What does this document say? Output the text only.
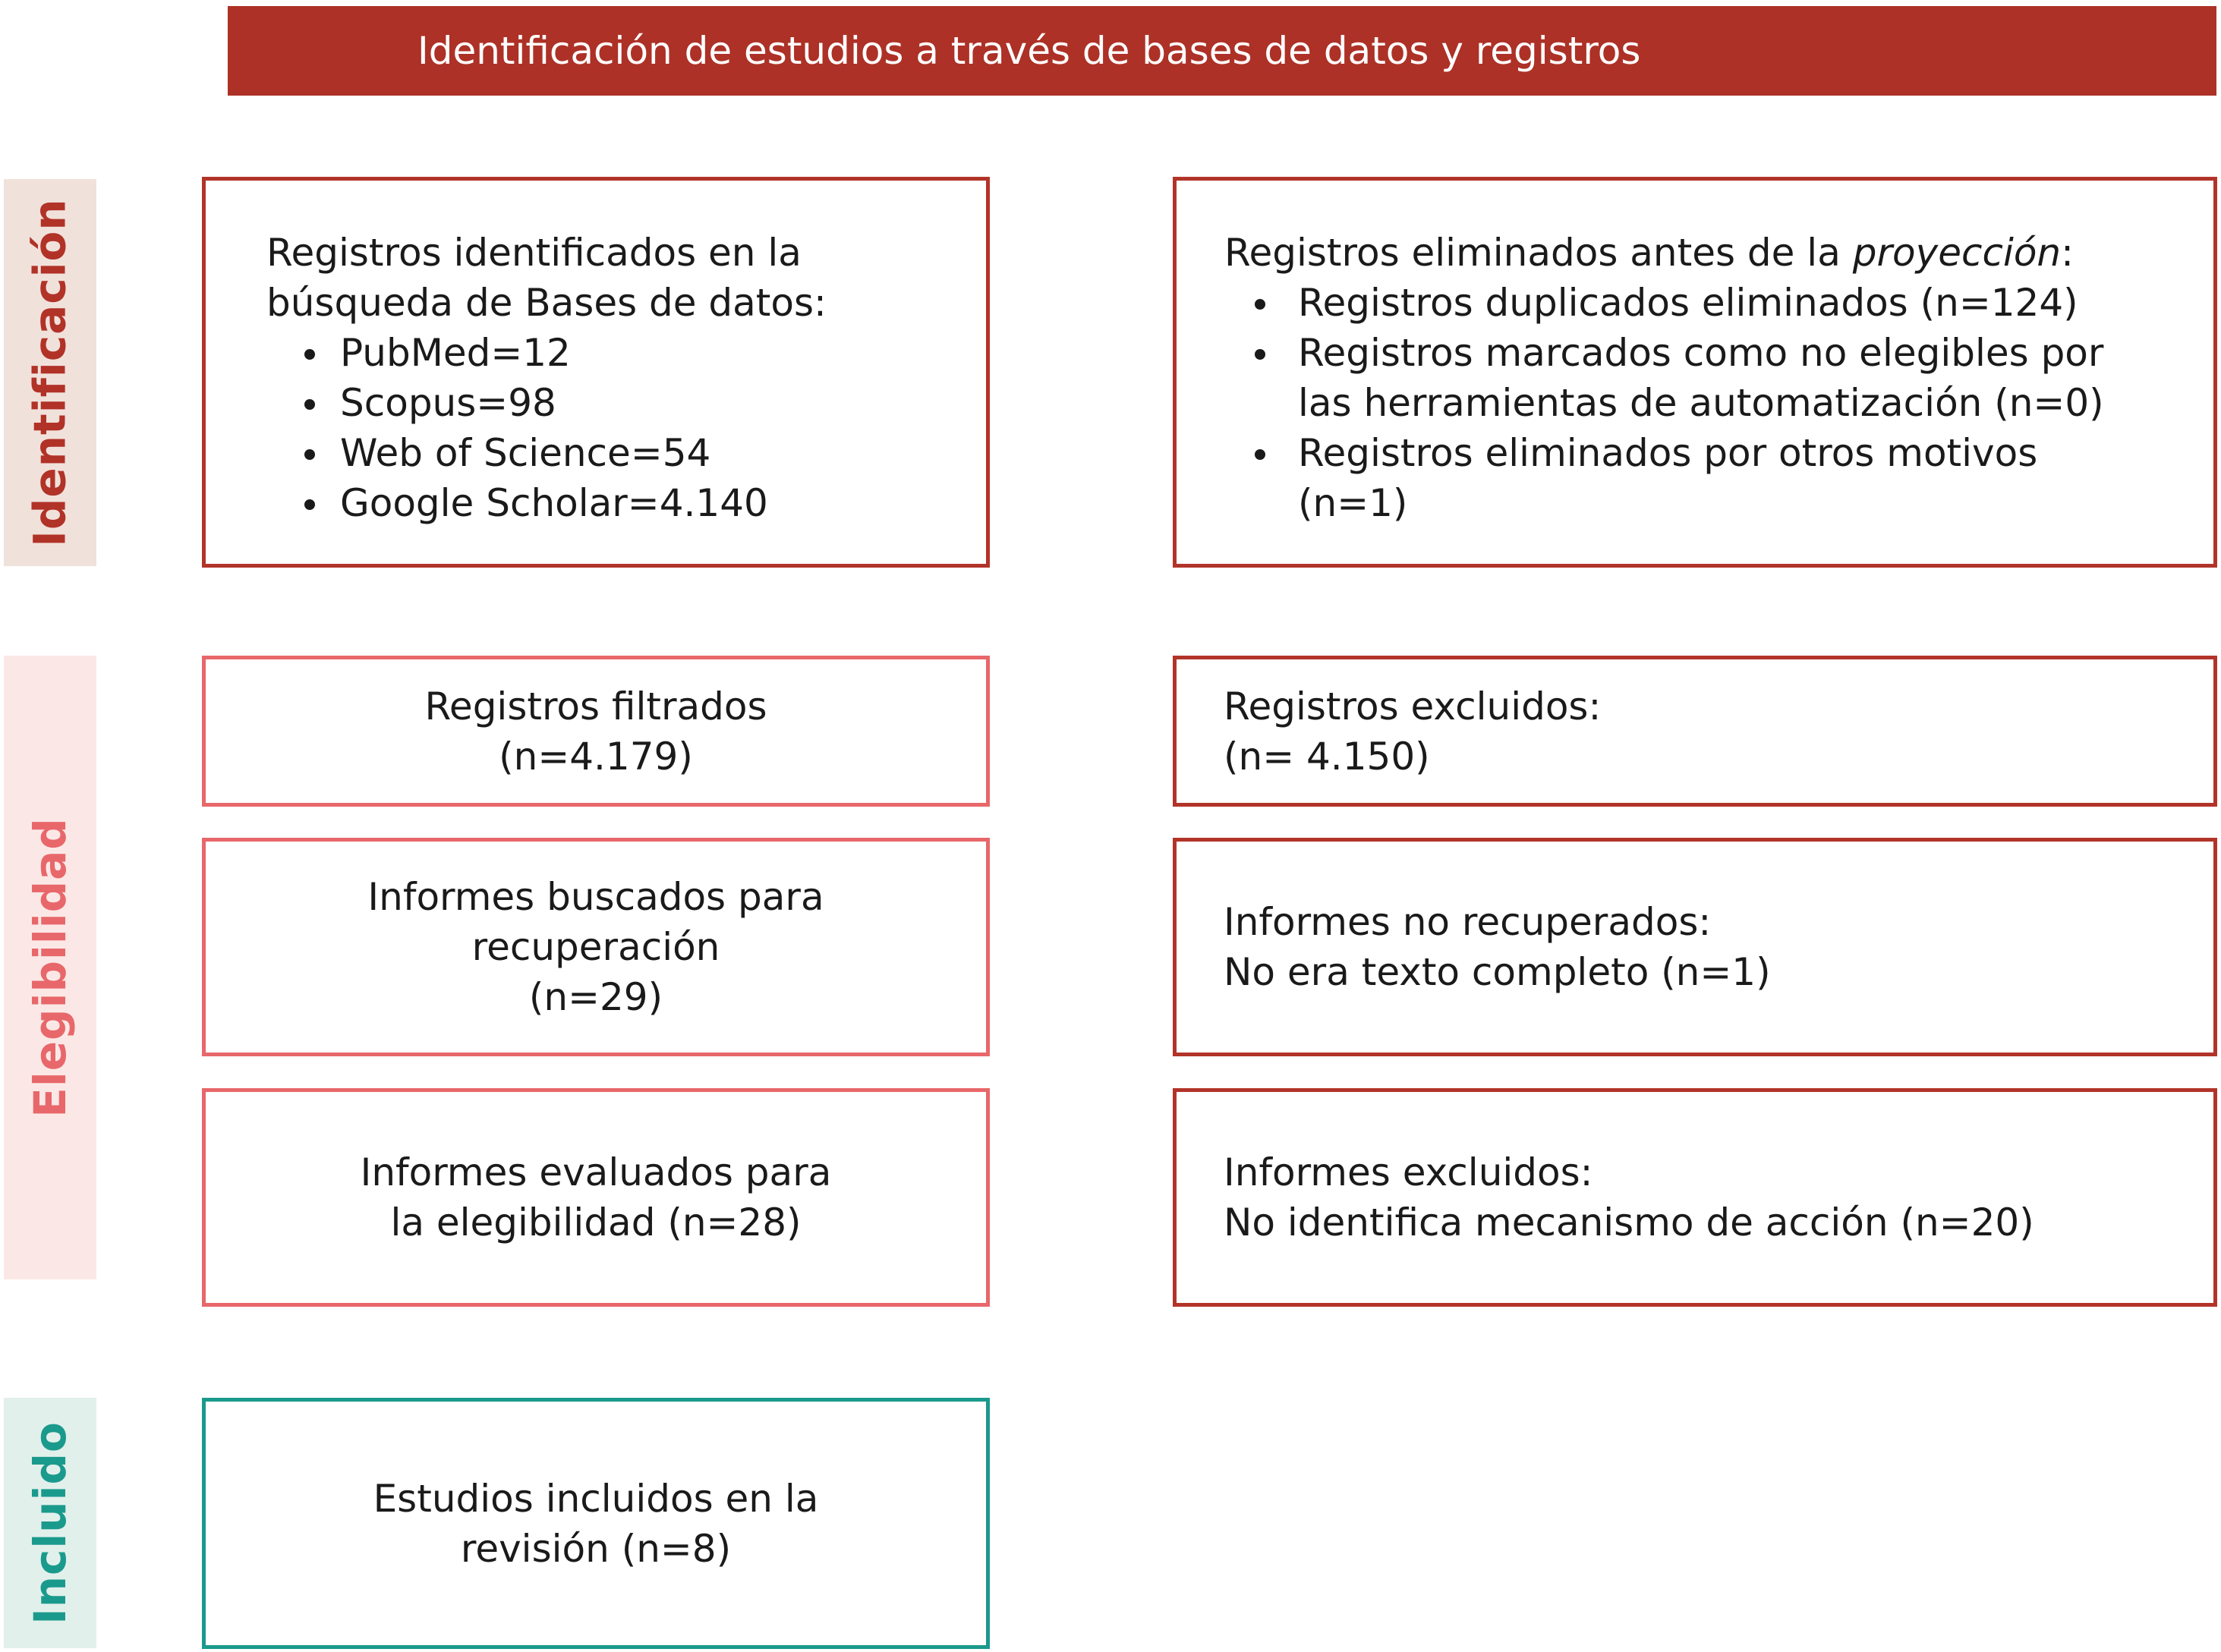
Identificación de estudios a través de bases de datos y registros
Identificación
Elegibilidad
Incluido
Registros identificados en la
búsqueda de Bases de datos:
PubMed=12
Scopus=98
Web of Science=54
Google Scholar=4.140
Registros eliminados antes de la proyección:
Registros duplicados eliminados (n=124)
Registros marcados como no elegibles por
las herramientas de automatización (n=0)
Registros eliminados por otros motivos
(n=1)
Registros filtrados
(n=4.179)
Registros excluidos:
(n= 4.150)
Informes buscados para
recuperación
(n=29)
Informes no recuperados:
No era texto completo (n=1)
Informes evaluados para
la elegibilidad (n=28)
Informes excluidos:
No identifica mecanismo de acción (n=20)
Estudios incluidos en la
revisión (n=8)
